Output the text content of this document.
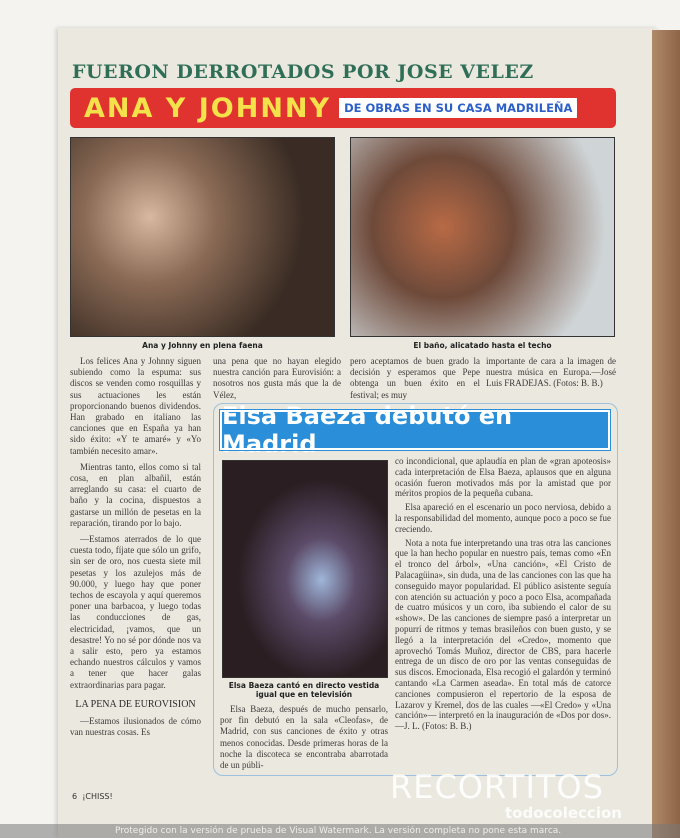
FUERON DERROTADOS POR JOSE VELEZ
ANA Y JOHNNY	DE OBRAS EN SU CASA MADRILEÑA
Ana y Johnny en plena faena	El baño, alicatado hasta el techo

Los felices Ana y Johnny siguen subiendo como la espuma: sus discos se venden como rosquillas y sus actuaciones les están proporcionando buenos dividendos. Han grabado en italiano las canciones que en España ya han sido éxito: «Y te amaré» y «Yo también necesito amar».

Mientras tanto, ellos como si tal cosa, en plan albañil, están arreglando su casa: el cuarto de baño y la cocina, dispuestos a gastarse un millón de pesetas en la reparación, tirando por lo bajo.

—Estamos aterrados de lo que cuesta todo, fíjate que sólo un grifo, sin ser de oro, nos cuesta siete mil pesetas y los azulejos más de 90.000, y luego hay que poner techos de escayola y aquí queremos poner una barbacoa, y luego todas las conducciones de gas, electricidad, ¡vamos, que un desastre! Yo no sé por dónde nos va a salir esto, pero ya estamos echando nuestros cálculos y vamos a tener que hacer galas extraordinarias para pagar.

LA PENA DE EUROVISION

—Estamos ilusionados de cómo van nuestras cosas. Es

una pena que no hayan elegido nuestra canción para Eurovisión: a nosotros nos gusta más que la de Vélez,
pero aceptamos de buen grado la decisión y esperamos que Pepe obtenga un buen éxito en el festival; es muy
importante de cara a la imagen de nuestra música en Europa.—José Luis FRADEJAS. (Fotos: B. B.)
Elsa Baeza debutó en Madrid
Elsa Baeza cantó en directo vestida igual que en televisión

Elsa Baeza, después de mucho pensarlo, por fin debutó en la sala «Cleofas», de Madrid, con sus canciones de éxito y otras menos conocidas. Desde primeras horas de la noche la discoteca se encontraba abarrotada de un públi-

co incondicional, que aplaudía en plan de «gran apoteosis» cada interpretación de Elsa Baeza, aplausos que en alguna ocasión fueron motivados más por la amistad que por méritos propios de la pequeña cubana.

Elsa apareció en el escenario un poco nerviosa, debido a la responsabilidad del momento, aunque poco a poco se fue creciendo.

Nota a nota fue interpretando una tras otra las canciones que la han hecho popular en nuestro país, temas como «En el tronco del árbol», «Una canción», «El Cristo de Palacagüina», sin duda, una de las canciones con las que ha conseguido mayor popularidad. El público asistente seguía con atención su actuación y poco a poco Elsa, acompañada de cuatro músicos y un coro, iba subiendo el calor de su «show». De las canciones de siempre pasó a interpretar un popurrí de ritmos y temas brasileños con buen gusto, y se llegó a la interpretación del «Credo», momento que aprovechó Tomás Muñoz, director de CBS, para hacerle entrega de un disco de oro por las ventas conseguidas de sus discos. Emocionada, Elsa recogió el galardón y terminó cantando «La Carmen aseada». En total más de catorce canciones compusieron el repertorio de la esposa de Lazarov y Kremel, dos de las cuales —«El Credo» y «Una canción»— interpretó en la inauguración de «Dos por dos».—J. L. (Fotos: B. B.)

6 ¡CHISS!	RECORTITOS
todocoleccion
Protegido con la versión de prueba de Visual Watermark. La versión completa no pone esta marca.
